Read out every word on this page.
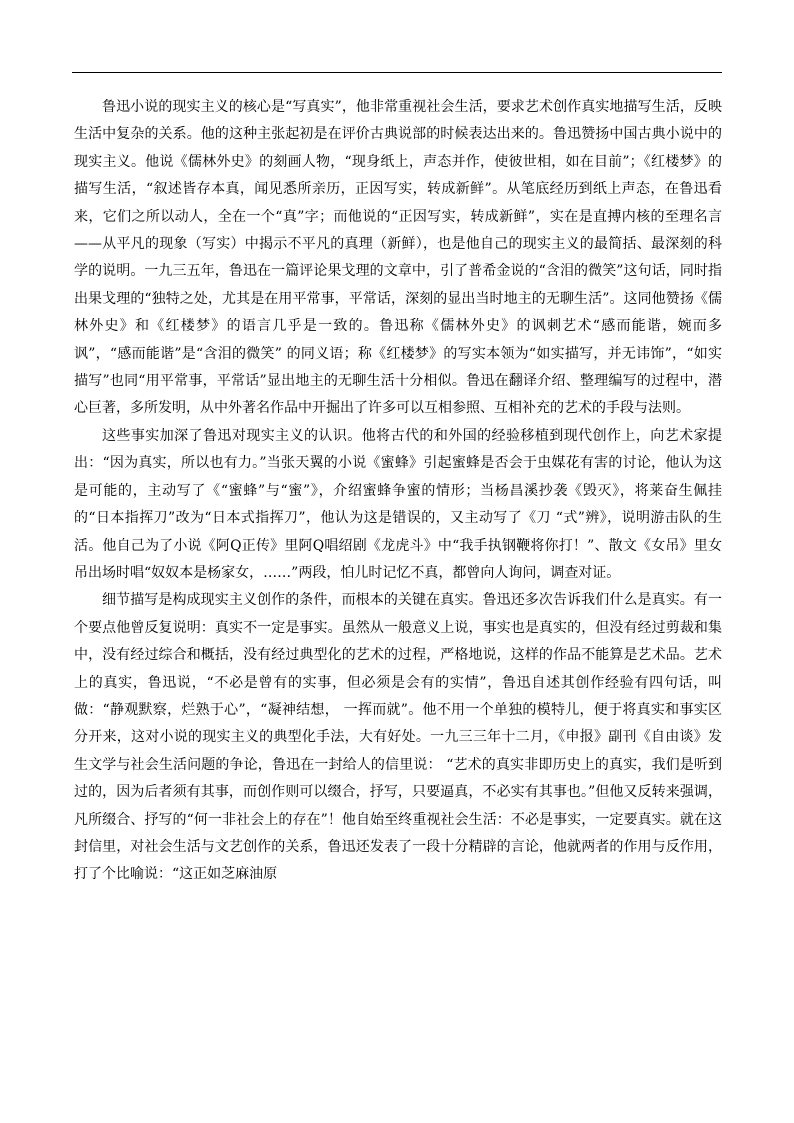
鲁迅小说的现实主义的核心是“写真实”，他非常重视社会生活，要求艺术创作真实地描写生活，反映生活中复杂的关系。他的这种主张起初是在评价古典说部的时候表达出来的。鲁迅赞扬中国古典小说中的现实主义。他说《儒林外史》的刻画人物，“现身纸上，声态并作，使彼世相，如在目前”；《红楼梦》的描写生活，“叙述皆存本真，闻见悉所亲历，正因写实，转成新鲜”。从笔底经历到纸上声态，在鲁迅看来，它们之所以动人，全在一个“真”字；而他说的“正因写实，转成新鲜”，实在是直搏内核的至理名言——从平凡的现象（写实）中揭示不平凡的真理（新鲜），也是他自己的现实主义的最简括、最深刻的科学的说明。一九三五年，鲁迅在一篇评论果戈理的文章中，引了普希金说的“含泪的微笑”这句话，同时指出果戈理的“独特之处，尤其是在用平常事，平常话，深刻的显出当时地主的无聊生活”。这同他赞扬《儒林外史》和《红楼梦》的语言几乎是一致的。鲁迅称《儒林外史》的讽刺艺术“感而能谐，婉而多讽”，“感而能谐”是“含泪的微笑” 的同义语；称《红楼梦》的写实本领为“如实描写，并无讳饰”，“如实描写”也同“用平常事，平常话”显出地主的无聊生活十分相似。鲁迅在翻译介绍、整理编写的过程中，潜心巨著，多所发明，从中外著名作品中开掘出了许多可以互相参照、互相补充的艺术的手段与法则。

这些事实加深了鲁迅对现实主义的认识。他将古代的和外国的经验移植到现代创作上，向艺术家提出：“因为真实，所以也有力。”当张天翼的小说《蜜蜂》引起蜜蜂是否会于虫媒花有害的讨论，他认为这是可能的，主动写了《“蜜蜂”与“蜜”》，介绍蜜蜂争蜜的情形；当杨昌溪抄袭《毁灭》，将莱奋生佩挂的“日本指挥刀”改为“日本式指挥刀”，他认为这是错误的，又主动写了《刀 “式”辨》，说明游击队的生活。他自己为了小说《阿Q正传》里阿Q唱绍剧《龙虎斗》中“我手执钢鞭将你打！”、散文《女吊》里女吊出场时唱“奴奴本是杨家女，……”两段，怕儿时记忆不真，都曾向人询问，调查对证。

细节描写是构成现实主义创作的条件，而根本的关键在真实。鲁迅还多次告诉我们什么是真实。有一个要点他曾反复说明：真实不一定是事实。虽然从一般意义上说，事实也是真实的，但没有经过剪裁和集中，没有经过综合和概括，没有经过典型化的艺术的过程，严格地说，这样的作品不能算是艺术品。艺术上的真实，鲁迅说，“不必是曾有的实事，但必须是会有的实情”，鲁迅自述其创作经验有四句话，叫做：“静观默察，烂熟于心”，“凝神结想， 一挥而就”。他不用一个单独的模特儿，便于将真实和事实区分开来，这对小说的现实主义的典型化手法，大有好处。一九三三年十二月，《申报》副刊《自由谈》发生文学与社会生活问题的争论，鲁迅在一封给人的信里说： “艺术的真实非即历史上的真实，我们是听到过的，因为后者须有其事，而创作则可以缀合，抒写，只要逼真，不必实有其事也。”但他又反转来强调，凡所缀合、抒写的“何一非社会上的存在”！他自始至终重视社会生活：不必是事实，一定要真实。就在这封信里，对社会生活与文艺创作的关系，鲁迅还发表了一段十分精辟的言论，他就两者的作用与反作用，打了个比喻说：“这正如芝麻油原
